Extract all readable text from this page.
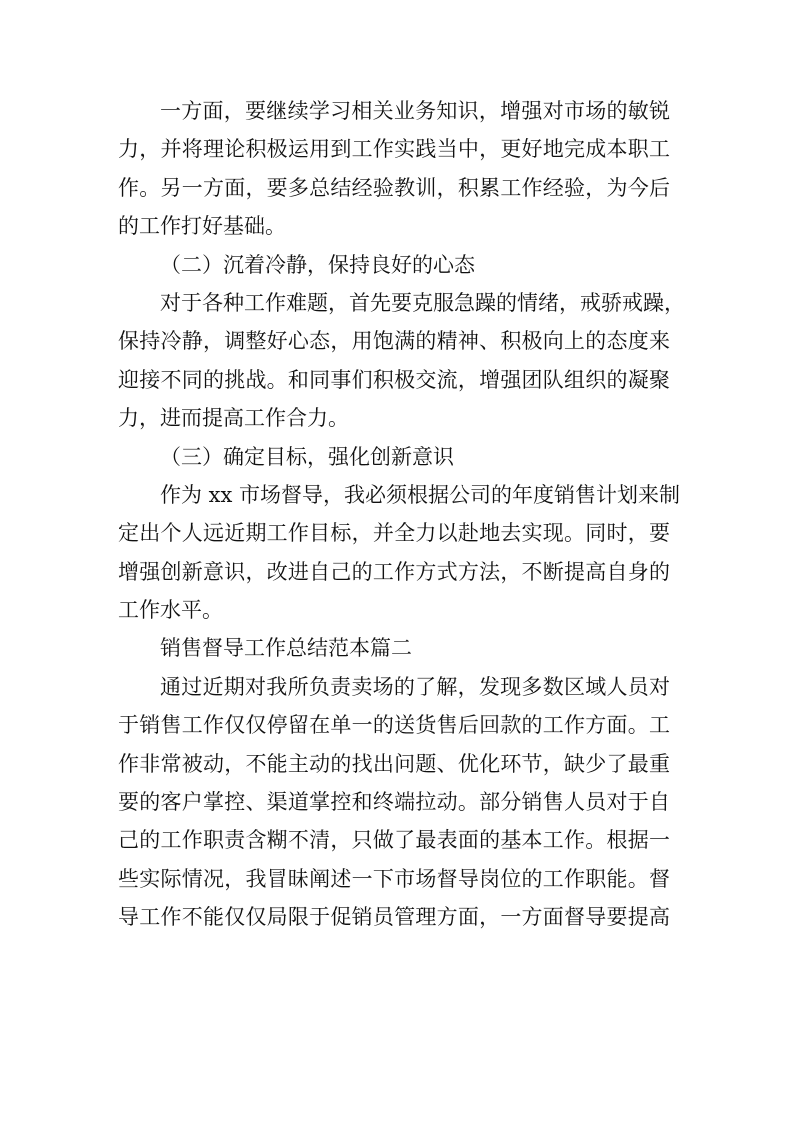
一方面，要继续学习相关业务知识，增强对市场的敏锐
力，并将理论积极运用到工作实践当中，更好地完成本职工
作。另一方面，要多总结经验教训，积累工作经验，为今后
的工作打好基础。
（二）沉着冷静，保持良好的心态
对于各种工作难题，首先要克服急躁的情绪，戒骄戒躁，
保持冷静，调整好心态，用饱满的精神、积极向上的态度来
迎接不同的挑战。和同事们积极交流，增强团队组织的凝聚
力，进而提高工作合力。
（三）确定目标，强化创新意识
作为 xx 市场督导，我必须根据公司的年度销售计划来制
定出个人远近期工作目标，并全力以赴地去实现。同时，要
增强创新意识，改进自己的工作方式方法，不断提高自身的
工作水平。
销售督导工作总结范本篇二
通过近期对我所负责卖场的了解，发现多数区域人员对
于销售工作仅仅停留在单一的送货售后回款的工作方面。工
作非常被动，不能主动的找出问题、优化环节，缺少了最重
要的客户掌控、渠道掌控和终端拉动。部分销售人员对于自
己的工作职责含糊不清，只做了最表面的基本工作。根据一
些实际情况，我冒昧阐述一下市场督导岗位的工作职能。督
导工作不能仅仅局限于促销员管理方面，一方面督导要提高
